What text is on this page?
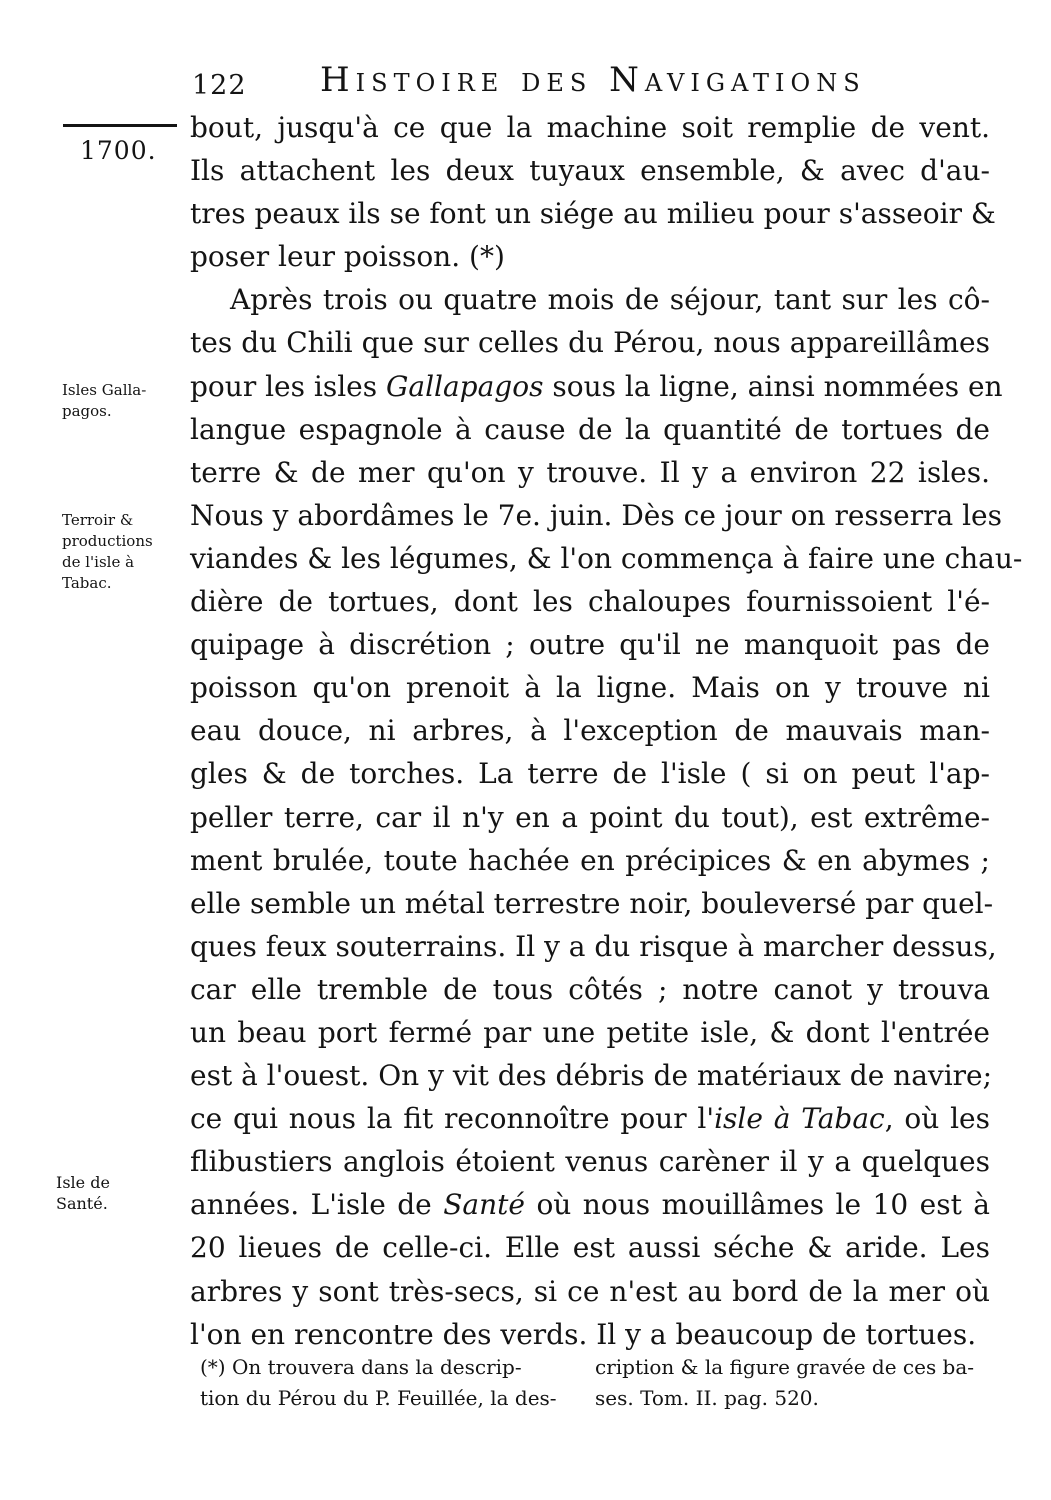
122 Histoire des Navigations
1700.
Isles Galla-
pagos.
Terroir &
productions
de l'isle à
Tabac.
Isle de
Santé.
bout, jusqu'à ce que la machine soit remplie de vent.
Ils attachent les deux tuyaux ensemble, & avec d'au-
tres peaux ils se font un siége au milieu pour s'asseoir &
poser leur poisson. (*)
Après trois ou quatre mois de séjour, tant sur les cô-
tes du Chili que sur celles du Pérou, nous appareillâmes
pour les isles Gallapagos sous la ligne, ainsi nommées en
langue espagnole à cause de la quantité de tortues de
terre & de mer qu'on y trouve. Il y a environ 22 isles.
Nous y abordâmes le 7e. juin. Dès ce jour on resserra les
viandes & les légumes, & l'on commença à faire une chau-
dière de tortues, dont les chaloupes fournissoient l'é-
quipage à discrétion ; outre qu'il ne manquoit pas de
poisson qu'on prenoit à la ligne. Mais on y trouve ni
eau douce, ni arbres, à l'exception de mauvais man-
gles & de torches. La terre de l'isle ( si on peut l'ap-
peller terre, car il n'y en a point du tout), est extrême-
ment brulée, toute hachée en précipices & en abymes ;
elle semble un métal terrestre noir, bouleversé par quel-
ques feux souterrains. Il y a du risque à marcher dessus,
car elle tremble de tous côtés ; notre canot y trouva
un beau port fermé par une petite isle, & dont l'entrée
est à l'ouest. On y vit des débris de matériaux de navire;
ce qui nous la fit reconnoître pour l'isle à Tabac, où les
flibustiers anglois étoient venus carèner il y a quelques
années. L'isle de Santé où nous mouillâmes le 10 est à
20 lieues de celle-ci. Elle est aussi séche & aride. Les
arbres y sont très-secs, si ce n'est au bord de la mer où
l'on en rencontre des verds. Il y a beaucoup de tortues.
(*) On trouvera dans la descrip-
tion du Pérou du P. Feuillée, la des-
cription & la figure gravée de ces ba-
ses. Tom. II. pag. 520.
